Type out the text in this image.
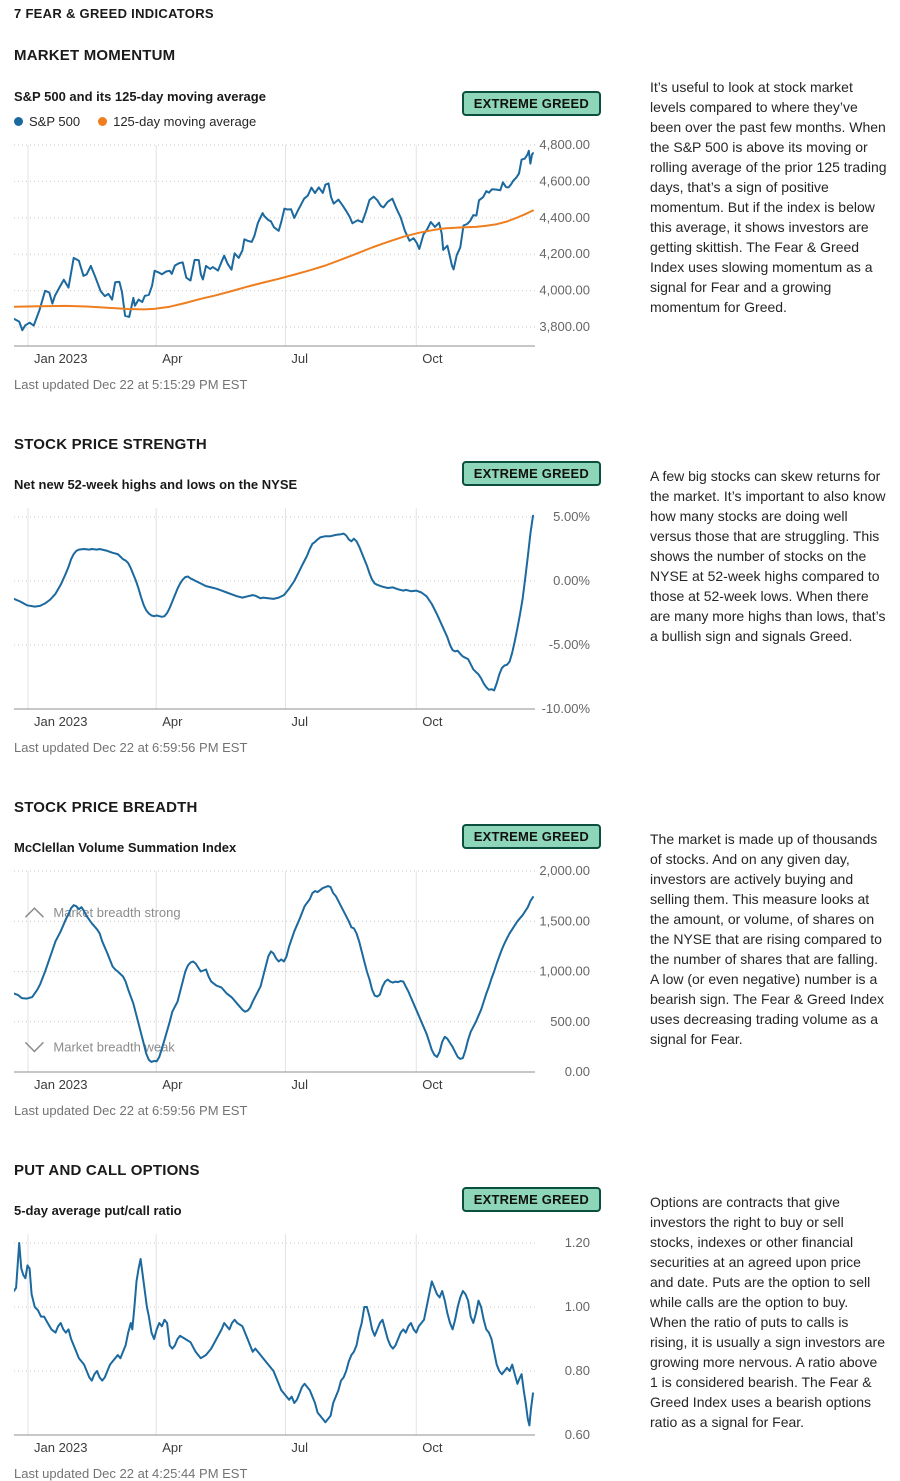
7 FEAR & GREED INDICATORS
MARKET MOMENTUM
S&P 500 and its 125-day moving average	EXTREME GREED
S&P 500	125-day moving average
Jan 2023	Apr	Jul	Oct
4,800.00
4,600.00
4,400.00
4,200.00
4,000.00
3,800.00
Last updated Dec 22 at 5:15:29 PM EST
It’s useful to look at stock market levels compared to where they’ve been over the past few months. When the S&P 500 is above its moving or rolling average of the prior 125 trading days, that’s a sign of positive momentum. But if the index is below this average, it shows investors are getting skittish. The Fear & Greed Index uses slowing momentum as a signal for Fear and a growing momentum for Greed.
STOCK PRICE STRENGTH
EXTREME GREED
Net new 52-week highs and lows on the NYSE
Jan 2023	Apr	Jul	Oct
5.00%
0.00%
-5.00%
-10.00%
Last updated Dec 22 at 6:59:56 PM EST
A few big stocks can skew returns for the market. It’s important to also know how many stocks are doing well versus those that are struggling. This shows the number of stocks on the NYSE at 52-week highs compared to those at 52-week lows. When there are many more highs than lows, that’s a bullish sign and signals Greed.
STOCK PRICE BREADTH
EXTREME GREED
McClellan Volume Summation Index
Jan 2023	Apr	Jul	Oct
2,000.00
1,500.00
1,000.00
500.00
0.00
Market breadth strong
Market breadth weak
Last updated Dec 22 at 6:59:56 PM EST
The market is made up of thousands of stocks. And on any given day, investors are actively buying and selling them. This measure looks at the amount, or volume, of shares on the NYSE that are rising compared to the number of shares that are falling. A low (or even negative) number is a bearish sign. The Fear & Greed Index uses decreasing trading volume as a signal for Fear.
PUT AND CALL OPTIONS
EXTREME GREED
5-day average put/call ratio
Jan 2023	Apr	Jul	Oct
1.20
1.00
0.80
0.60
Last updated Dec 22 at 4:25:44 PM EST
Options are contracts that give investors the right to buy or sell stocks, indexes or other financial securities at an agreed upon price and date. Puts are the option to sell while calls are the option to buy. When the ratio of puts to calls is rising, it is usually a sign investors are growing more nervous. A ratio above 1 is considered bearish. The Fear & Greed Index uses a bearish options ratio as a signal for Fear.
